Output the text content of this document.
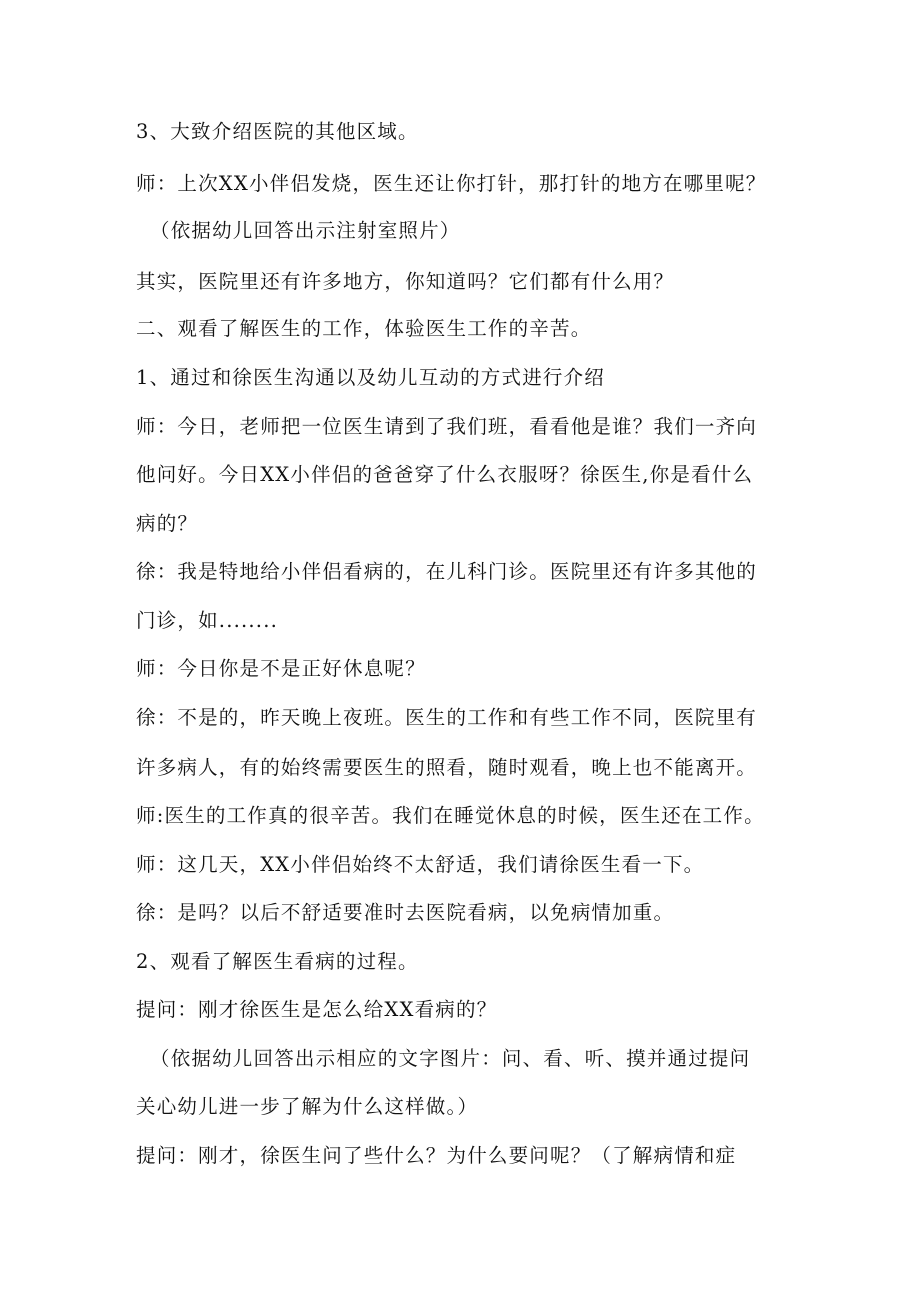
3、大致介绍医院的其他区域。
师：上次XX小伴侣发烧，医生还让你打针，那打针的地方在哪里呢？
（依据幼儿回答出示注射室照片）
其实，医院里还有许多地方，你知道吗？它们都有什么用？
二、观看了解医生的工作，体验医生工作的辛苦。
1、通过和徐医生沟通以及幼儿互动的方式进行介绍
师：今日，老师把一位医生请到了我们班，看看他是谁？我们一齐向
他问好。今日XX小伴侣的爸爸穿了什么衣服呀？徐医生,你是看什么
病的？
徐：我是特地给小伴侣看病的，在儿科门诊。医院里还有许多其他的
门诊，如........
师：今日你是不是正好休息呢？
徐：不是的，昨天晚上夜班。医生的工作和有些工作不同，医院里有
许多病人，有的始终需要医生的照看，随时观看，晚上也不能离开。
师:医生的工作真的很辛苦。我们在睡觉休息的时候，医生还在工作。
师：这几天，XX小伴侣始终不太舒适，我们请徐医生看一下。
徐：是吗？以后不舒适要准时去医院看病，以免病情加重。
2、观看了解医生看病的过程。
提问：刚才徐医生是怎么给XX看病的？
（依据幼儿回答出示相应的文字图片：问、看、听、摸并通过提问
关心幼儿进一步了解为什么这样做。）
提问：刚才，徐医生问了些什么？为什么要问呢？（了解病情和症
